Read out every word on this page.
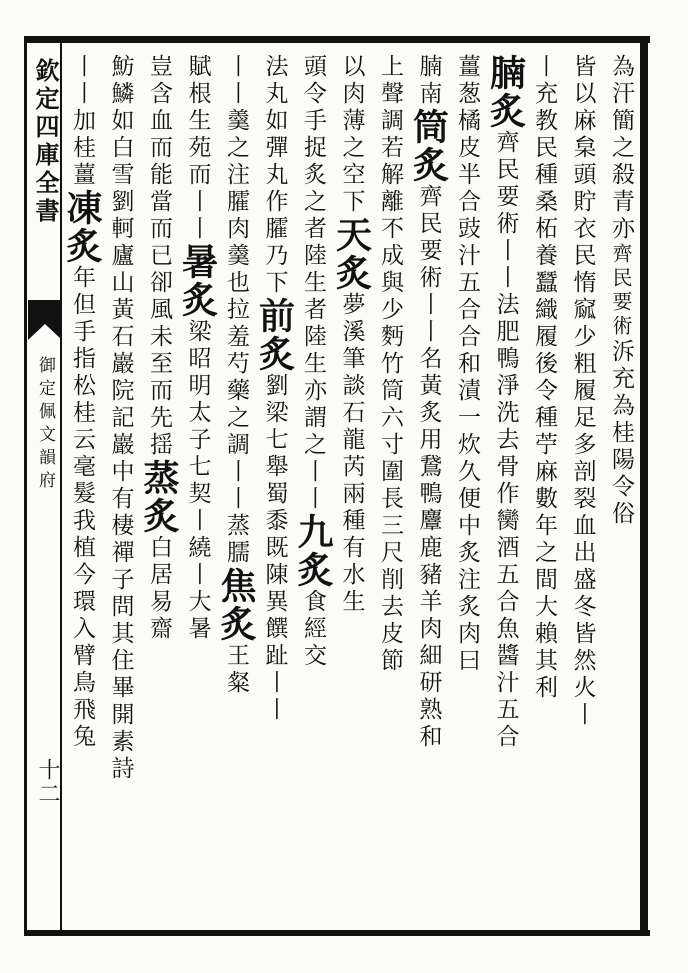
欽定四庫全書
御定佩文韻府
十二
為汗簡之殺青亦齊民要術泝充為桂陽令俗
皆以麻枲頭貯衣民惰窳少粗履足多剖裂血出盛冬皆然火丨
丨充教民種桑柘養蠶織履後令種苧麻數年之間大賴其利
腩炙齊民要術丨丨法肥鴨淨洗去骨作臠酒五合魚醬汁五合
薑葱橘皮半合豉汁五合合和漬一炊久便中炙注炙肉曰
腩南筒炙齊民要術丨丨名黃炙用鵞鴨麞鹿豬羊肉細研熟和
上聲調若解離不成與少麪竹筒六寸圍長三尺削去皮節
以肉薄之空下天炙夢溪筆談石龍芮兩種有水生
頭令手捉炙之者陸生者陸生亦謂之丨丨九炙食經交
法丸如彈丸作臛乃下前炙劉梁七舉蜀黍既陳異饌趾丨丨
丨丨羹之注臛肉羹也拉羞芍藥之調丨丨蒸臑焦炙王粲
賦根生苑而丨丨暑炙梁昭明太子七契丨繞丨大暑
豈含血而能當而已卻風未至而先揺蒸炙白居易齋
魴鱗如白雪劉軻廬山黃石巖院記巖中有棲禪子問其住畢開素詩
丨丨加桂薑凍炙年但手指松桂云毫髮我植今環入臂鳥飛兔
